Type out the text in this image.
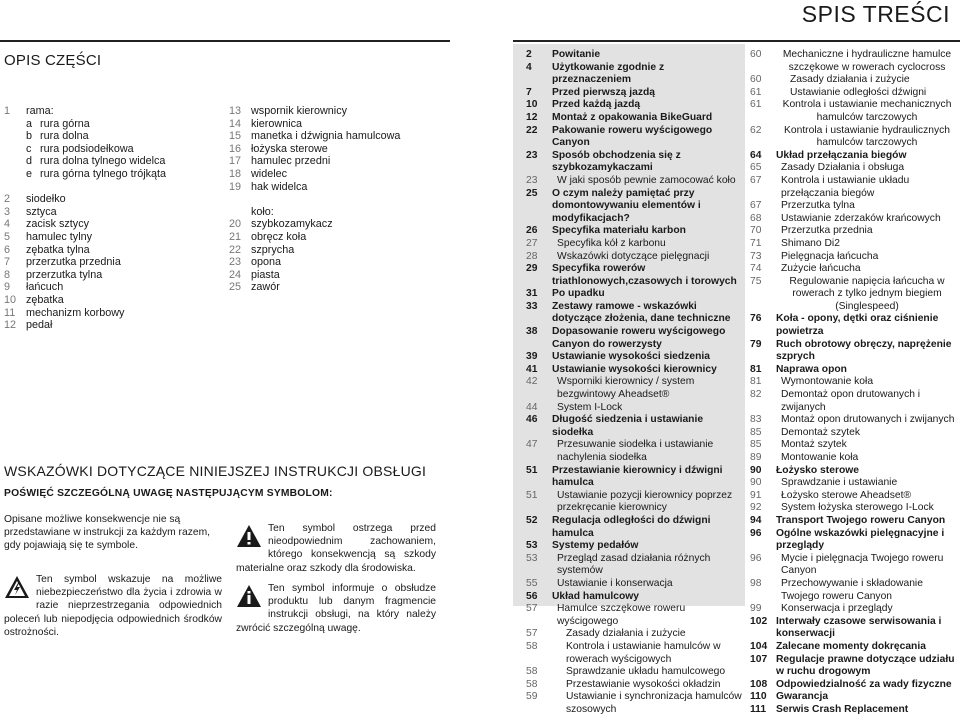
SPIS TREŚCI
OPIS CZĘŚCI
1 rama:
a rura górna
b rura dolna
c rura podsiodełkowa
d rura dolna tylnego widelca
e rura górna tylnego trójkąta
2 siodełko
3 sztyca
4 zacisk sztycy
5 hamulec tylny
6 zębatka tylna
7 przerzutka przednia
8 przerzutka tylna
9 łańcuch
10 zębatka
11 mechanizm korbowy
12 pedał
13 wspornik kierownicy
14 kierownica
15 manetka i dźwignia hamulcowa
16 łożyska sterowe
17 hamulec przedni
18 widelec
19 hak widelca
koło:
20 szybkozamykacz
21 obręcz koła
22 szprycha
23 opona
24 piasta
25 zawór
WSKAZÓWKI DOTYCZĄCE NINIEJSZEJ INSTRUKCJI OBSŁUGI
POŚWIĘĆ SZCZEGÓLNĄ UWAGĘ NASTĘPUJĄCYM SYMBOLOM:
Opisane możliwe konsekwencje nie są przedstawiane w instrukcji za każdym razem, gdy pojawiają się te symbole.
Ten symbol wskazuje na możliwe niebezpieczeństwo dla życia i zdrowia w razie nieprzestrzegania odpowiednich poleceń lub niepodjęcia odpowiednich środków ostrożności.
Ten symbol ostrzega przed nieodpowiednim zachowaniem, którego konsekwencją są szkody materialne oraz szkody dla środowiska.
Ten symbol informuje o obsłudze produktu lub danym fragmencie instrukcji obsługi, na który należy zwrócić szczególną uwagę.
2	Powitanie
4	Użytkowanie zgodnie z przeznaczeniem
7	Przed pierwszą jazdą
10	Przed każdą jazdą
12	Montaż z opakowania BikeGuard
22	Pakowanie roweru wyścigowego Canyon
23	Sposób obchodzenia się z szybkozamykaczami
23	W jaki sposób pewnie zamocować koło
25	O czym należy pamiętać przy domontowywaniu elementów i modyfikacjach?
26	Specyfika materiału karbon
27	Specyfika kół z karbonu
28	Wskazówki dotyczące pielęgnacji
29	Specyfika rowerów triathlonowych,czasowych i torowych
31	Po upadku
33	Zestawy ramowe - wskazówki dotyczące złożenia, dane techniczne
38	Dopasowanie roweru wyścigowego Canyon do rowerzysty
39	Ustawianie wysokości siedzenia
41	Ustawianie wysokości kierownicy
42	Wsporniki kierownicy / system bezgwintowy Aheadset®
44	System I-Lock
46	Długość siedzenia i ustawianie siodełka
47	Przesuwanie siodełka i ustawianie nachylenia siodełka
51	Przestawianie kierownicy i dźwigni hamulca
51	Ustawianie pozycji kierownicy poprzez przekręcanie kierownicy
52	Regulacja odległości do dźwigni hamulca
53	Systemy pedałów
53	Przegląd zasad działania różnych systemów
55	Ustawianie i konserwacja
56	Układ hamulcowy
57	Hamulce szczękowe roweru wyścigowego
57	Zasady działania i zużycie
58	Kontrola i ustawianie hamulców w rowerach wyścigowych
58	Sprawdzanie układu hamulcowego
58	Przestawianie wysokości okładzin
59	Ustawianie i synchronizacja hamulców szosowych
60	Mechaniczne i hydrauliczne hamulce szczękowe w rowerach cyclocross
60	Zasady działania i zużycie
61	Ustawianie odległości dźwigni
61	Kontrola i ustawianie mechanicznych hamulców tarczowych
62	Kontrola i ustawianie hydraulicznych hamulców tarczowych
64	Układ przełączania biegów
65	Zasady Działania i obsługa
67	Kontrola i ustawianie układu przełączania biegów
67	Przerzutka tylna
68	Ustawianie zderzaków krańcowych
70	Przerzutka przednia
71	Shimano Di2
73	Pielęgnacja łańcucha
74	Zużycie łańcucha
75	Regulowanie napięcia łańcucha w rowerach z tylko jednym biegiem (Singlespeed)
76	Koła - opony, dętki oraz ciśnienie powietrza
79	Ruch obrotowy obręczy, naprężenie szprych
81	Naprawa opon
81	Wymontowanie koła
82	Demontaż opon drutowanych i zwijanych
83	Montaż opon drutowanych i zwijanych
85	Demontaż szytek
85	Montaż szytek
89	Montowanie koła
90	Łożysko sterowe
90	Sprawdzanie i ustawianie
91	Łożysko sterowe Aheadset®
92	System łożyska sterowego I-Lock
94	Transport Twojego roweru Canyon
96	Ogólne wskazówki pielęgnacyjne i przeglądy
96	Mycie i pielęgnacja Twojego roweru Canyon
98	Przechowywanie i składowanie Twojego roweru Canyon
99	Konserwacja i przeglądy
102 Interwały czasowe serwisowania i konserwacji
104 Zalecane momenty dokręcania
107 Regulacje prawne dotyczące udziału w ruchu drogowym
108 Odpowiedzialność za wady fizyczne
110 Gwarancja
111 Serwis Crash Replacement
